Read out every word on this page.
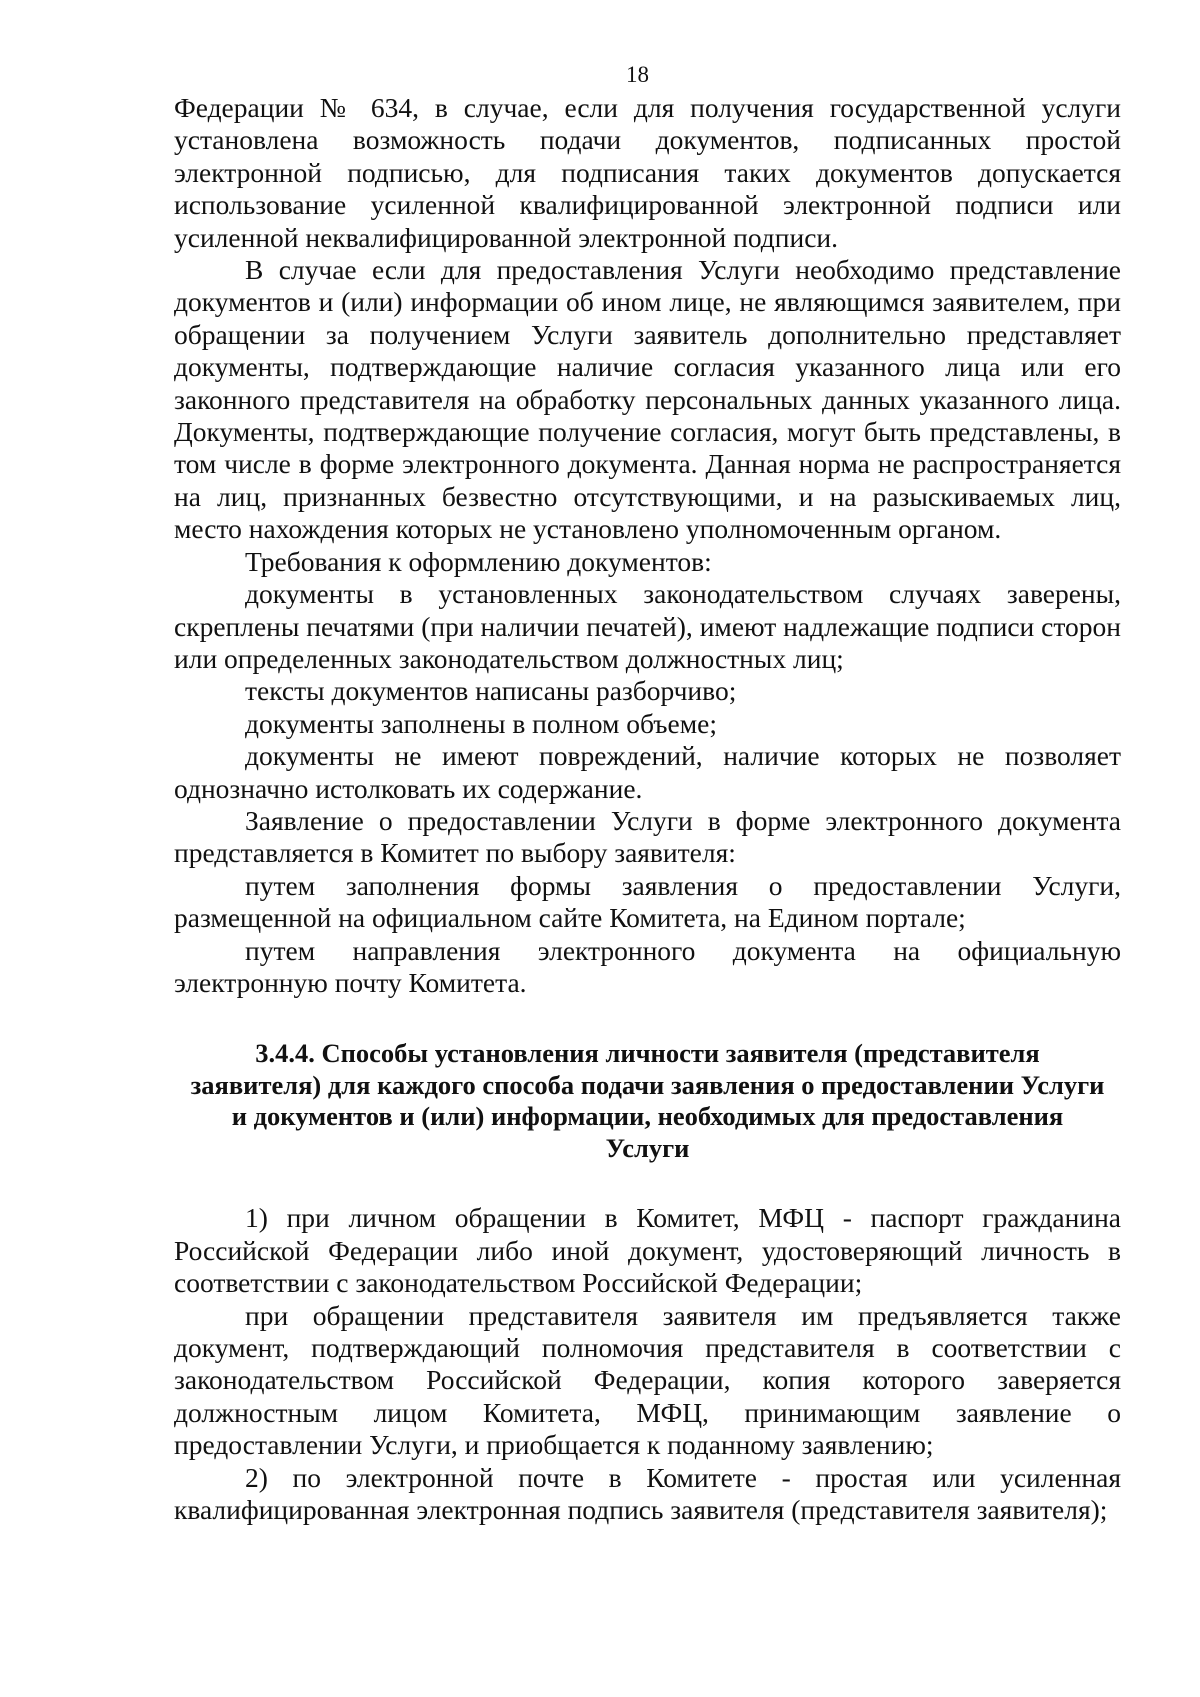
18

Федерации № 634, в случае, если для получения государственной услуги установлена возможность подачи документов, подписанных простой электронной подписью, для подписания таких документов допускается использование усиленной квалифицированной электронной подписи или усиленной неквалифицированной электронной подписи.

В случае если для предоставления Услуги необходимо представление документов и (или) информации об ином лице, не являющимся заявителем, при обращении за получением Услуги заявитель дополнительно представляет документы, подтверждающие наличие согласия указанного лица или его законного представителя на обработку персональных данных указанного лица. Документы, подтверждающие получение согласия, могут быть представлены, в том числе в форме электронного документа. Данная норма не распространяется на лиц, признанных безвестно отсутствующими, и на разыскиваемых лиц, место нахождения которых не установлено уполномоченным органом.

Требования к оформлению документов:

документы в установленных законодательством случаях заверены, скреплены печатями (при наличии печатей), имеют надлежащие подписи сторон или определенных законодательством должностных лиц;

тексты документов написаны разборчиво;

документы заполнены в полном объеме;

документы не имеют повреждений, наличие которых не позволяет однозначно истолковать их содержание.

Заявление о предоставлении Услуги в форме электронного документа представляется в Комитет по выбору заявителя:

путем заполнения формы заявления о предоставлении Услуги, размещенной на официальном сайте Комитета, на Едином портале;

путем направления электронного документа на официальную электронную почту Комитета.

3.4.4. Способы установления личности заявителя (представителя заявителя) для каждого способа подачи заявления о предоставлении Услуги и документов и (или) информации, необходимых для предоставления Услуги

1) при личном обращении в Комитет, МФЦ - паспорт гражданина Российской Федерации либо иной документ, удостоверяющий личность в соответствии с законодательством Российской Федерации;

при обращении представителя заявителя им предъявляется также документ, подтверждающий полномочия представителя в соответствии с законодательством Российской Федерации, копия которого заверяется должностным лицом Комитета, МФЦ, принимающим заявление о предоставлении Услуги, и приобщается к поданному заявлению;

2) по электронной почте в Комитете - простая или усиленная квалифицированная электронная подпись заявителя (представителя заявителя);
